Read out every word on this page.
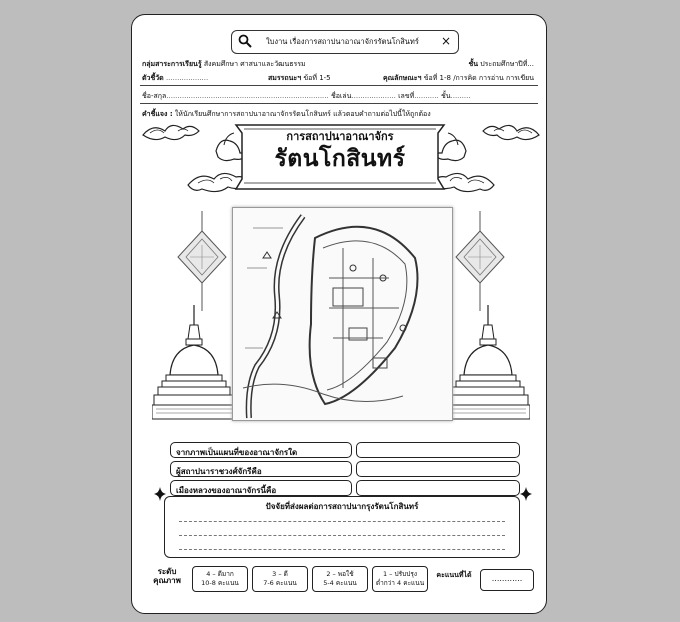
ใบงาน เรื่องการสถาปนาอาณาจักรรัตนโกสินทร์ ×
กลุ่มสาระการเรียนรู้ สังคมศึกษา ศาสนาและวัฒนธรรม	ชั้น ประถมศึกษาปีที่...
ตัวชี้วัด ...................	สมรรถนะฯ ข้อที่ 1-5	คุณลักษณะฯ ข้อที่ 1-8 /การคิด การอ่าน การเขียน
ชื่อ-สกุล......................................................................... ชื่อเล่น.................... เลขที่........... ชั้น.........
คำชี้แจง : ให้นักเรียนศึกษาการสถาปนาอาณาจักรรัตนโกสินทร์ แล้วตอบคำถามต่อไปนี้ให้ถูกต้อง
การสถาปนาอาณาจักร
รัตนโกสินทร์
จากภาพเป็นแผนที่ของอาณาจักรใด
ผู้สถาปนาราชวงศ์จักรีคือ
เมืองหลวงของอาณาจักรนี้คือ
ปัจจัยที่ส่งผลต่อการสถาปนากรุงรัตนโกสินทร์
ระดับ
คุณภาพ
4 – ดีมาก
10-8 คะแนน
3 – ดี
7-6 คะแนน
2 – พอใช้
5-4 คะแนน
1 – ปรับปรุง
ต่ำกว่า 4 คะแนน
คะแนนที่ได้	............
